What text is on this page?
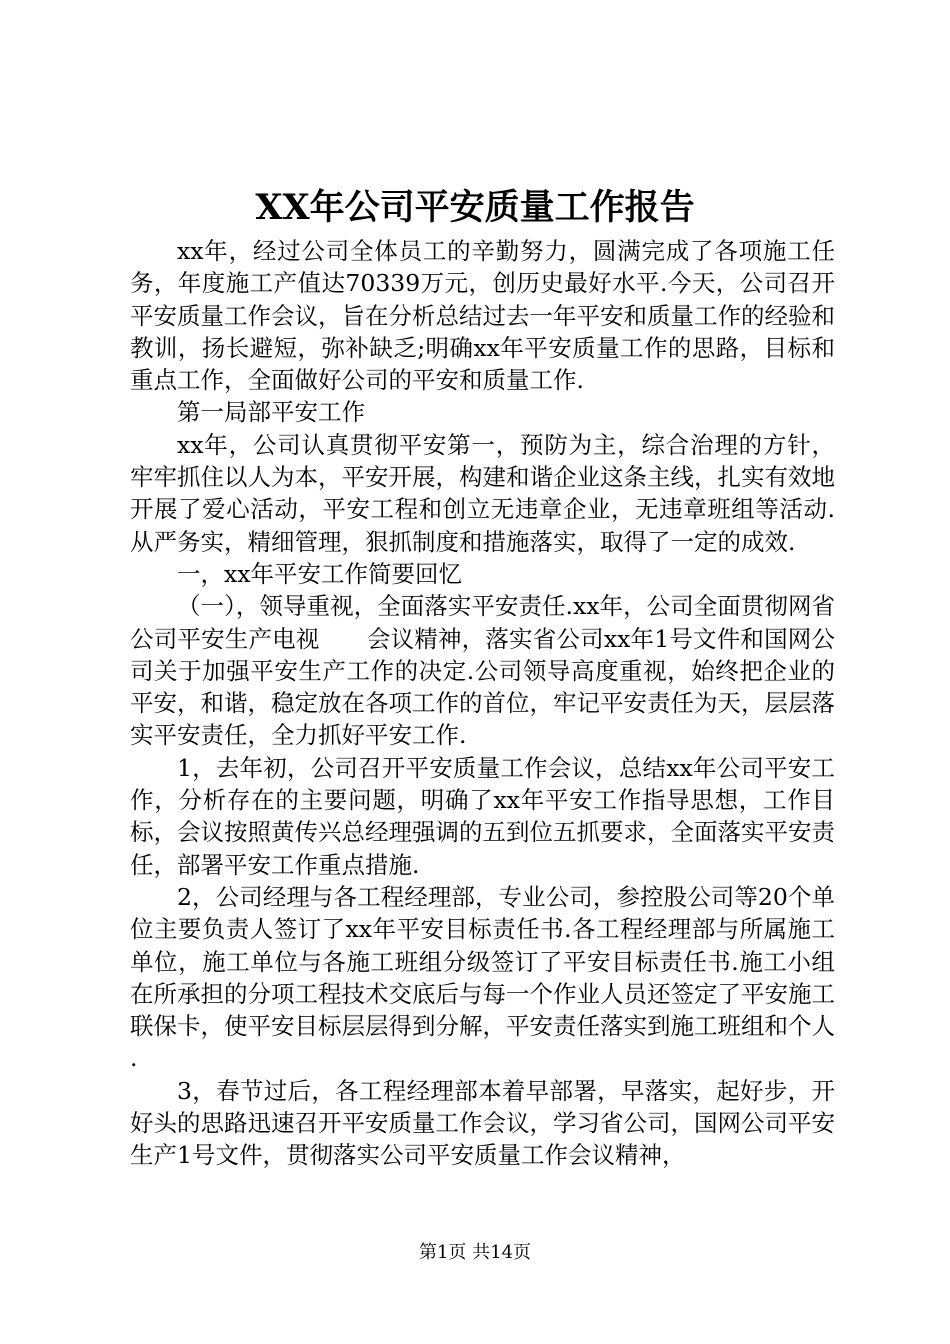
XX年公司平安质量工作报告

xx年，经过公司全体员工的辛勤努力，圆满完成了各项施工任务，年度施工产值达70339万元，创历史最好水平.今天，公司召开平安质量工作会议，旨在分析总结过去一年平安和质量工作的经验和教训，扬长避短，弥补缺乏;明确xx年平安质量工作的思路，目标和重点工作，全面做好公司的平安和质量工作.

第一局部平安工作

xx年，公司认真贯彻平安第一，预防为主，综合治理的方针，牢牢抓住以人为本，平安开展，构建和谐企业这条主线，扎实有效地开展了爱心活动，平安工程和创立无违章企业，无违章班组等活动.从严务实，精细管理，狠抓制度和措施落实，取得了一定的成效.

一，xx年平安工作简要回忆

（一），领导重视，全面落实平安责任.xx年，公司全面贯彻网省公司平安生产电视　　会议精神，落实省公司xx年1号文件和国网公司关于加强平安生产工作的决定.公司领导高度重视，始终把企业的平安，和谐，稳定放在各项工作的首位，牢记平安责任为天，层层落实平安责任，全力抓好平安工作.

1，去年初，公司召开平安质量工作会议，总结xx年公司平安工作，分析存在的主要问题，明确了xx年平安工作指导思想，工作目标，会议按照黄传兴总经理强调的五到位五抓要求，全面落实平安责任，部署平安工作重点措施.

2，公司经理与各工程经理部，专业公司，参控股公司等20个单位主要负责人签订了xx年平安目标责任书.各工程经理部与所属施工单位，施工单位与各施工班组分级签订了平安目标责任书.施工小组在所承担的分项工程技术交底后与每一个作业人员还签定了平安施工联保卡，使平安目标层层得到分解，平安责任落实到施工班组和个人.

3，春节过后，各工程经理部本着早部署，早落实，起好步，开好头的思路迅速召开平安质量工作会议，学习省公司，国网公司平安生产1号文件，贯彻落实公司平安质量工作会议精神，

第1页 共14页
